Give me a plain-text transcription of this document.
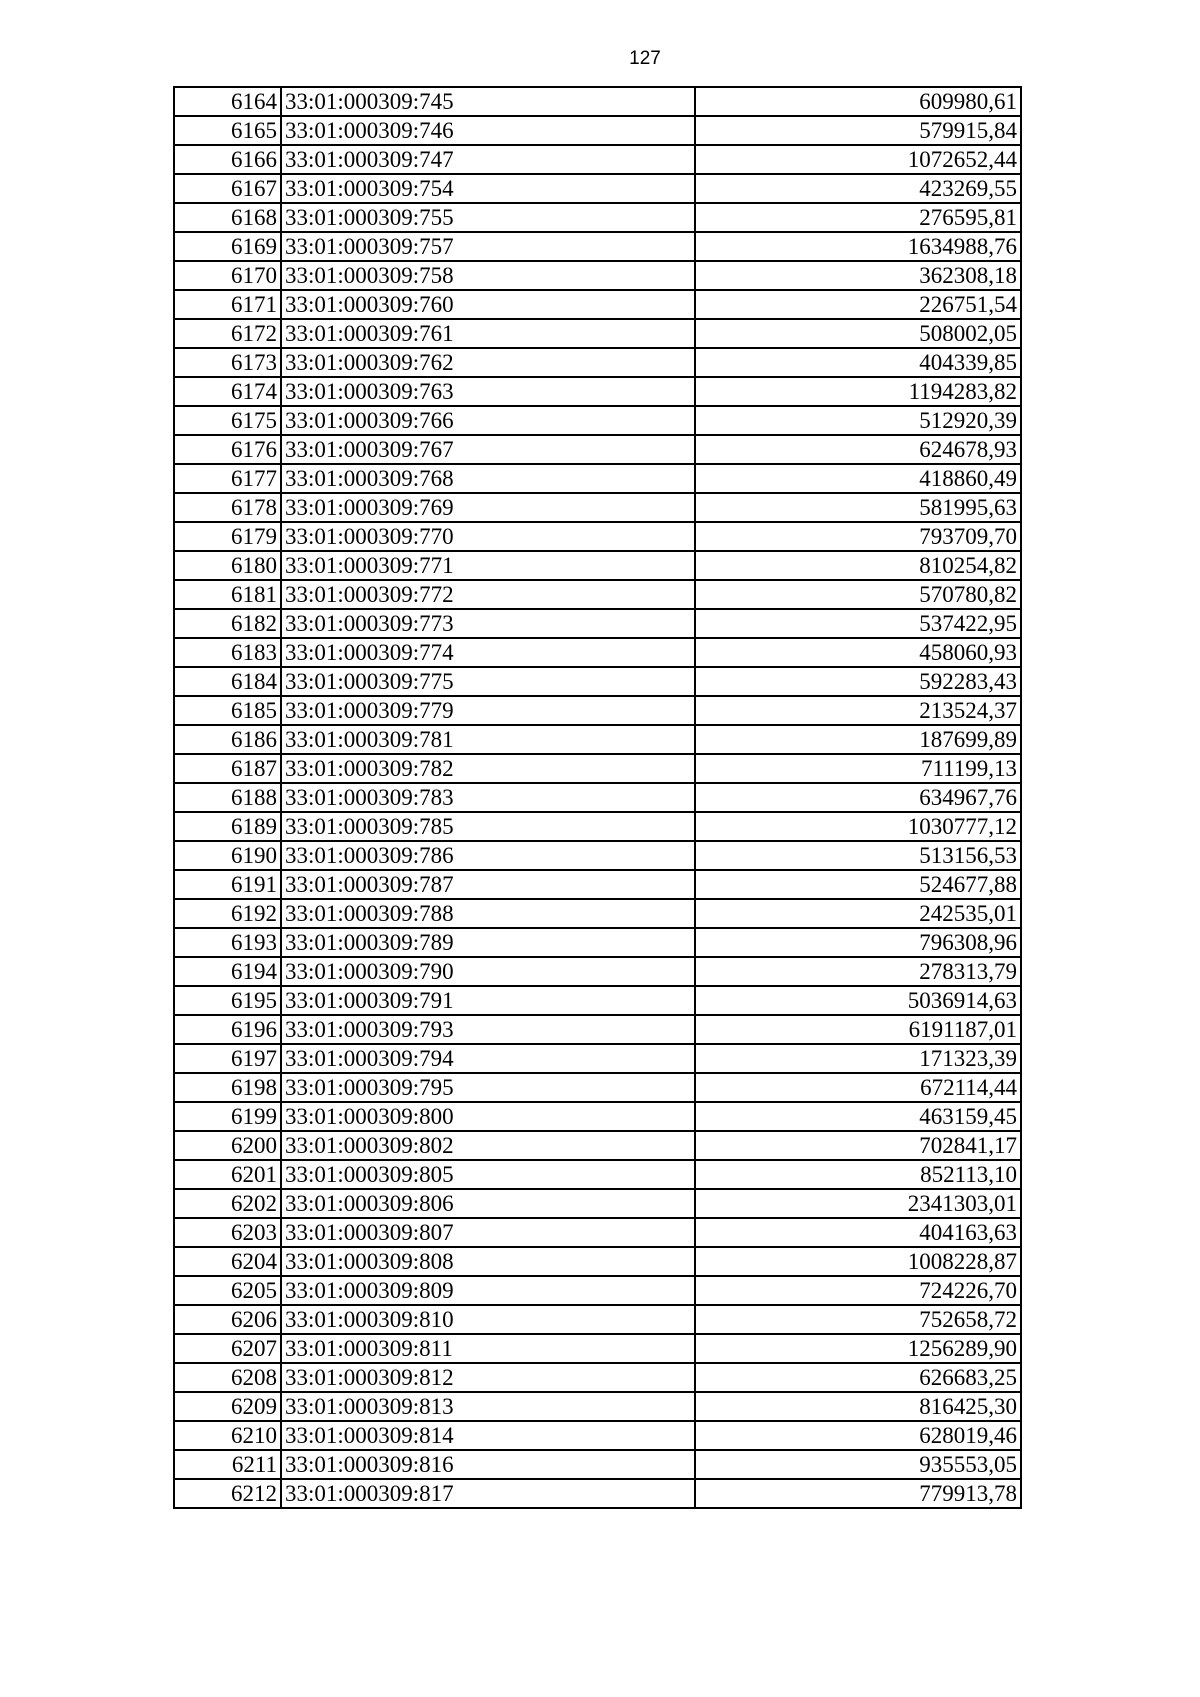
127
6164	33:01:000309:745	609980,61
6165	33:01:000309:746	579915,84
6166	33:01:000309:747	1072652,44
6167	33:01:000309:754	423269,55
6168	33:01:000309:755	276595,81
6169	33:01:000309:757	1634988,76
6170	33:01:000309:758	362308,18
6171	33:01:000309:760	226751,54
6172	33:01:000309:761	508002,05
6173	33:01:000309:762	404339,85
6174	33:01:000309:763	1194283,82
6175	33:01:000309:766	512920,39
6176	33:01:000309:767	624678,93
6177	33:01:000309:768	418860,49
6178	33:01:000309:769	581995,63
6179	33:01:000309:770	793709,70
6180	33:01:000309:771	810254,82
6181	33:01:000309:772	570780,82
6182	33:01:000309:773	537422,95
6183	33:01:000309:774	458060,93
6184	33:01:000309:775	592283,43
6185	33:01:000309:779	213524,37
6186	33:01:000309:781	187699,89
6187	33:01:000309:782	711199,13
6188	33:01:000309:783	634967,76
6189	33:01:000309:785	1030777,12
6190	33:01:000309:786	513156,53
6191	33:01:000309:787	524677,88
6192	33:01:000309:788	242535,01
6193	33:01:000309:789	796308,96
6194	33:01:000309:790	278313,79
6195	33:01:000309:791	5036914,63
6196	33:01:000309:793	6191187,01
6197	33:01:000309:794	171323,39
6198	33:01:000309:795	672114,44
6199	33:01:000309:800	463159,45
6200	33:01:000309:802	702841,17
6201	33:01:000309:805	852113,10
6202	33:01:000309:806	2341303,01
6203	33:01:000309:807	404163,63
6204	33:01:000309:808	1008228,87
6205	33:01:000309:809	724226,70
6206	33:01:000309:810	752658,72
6207	33:01:000309:811	1256289,90
6208	33:01:000309:812	626683,25
6209	33:01:000309:813	816425,30
6210	33:01:000309:814	628019,46
6211	33:01:000309:816	935553,05
6212	33:01:000309:817	779913,78
